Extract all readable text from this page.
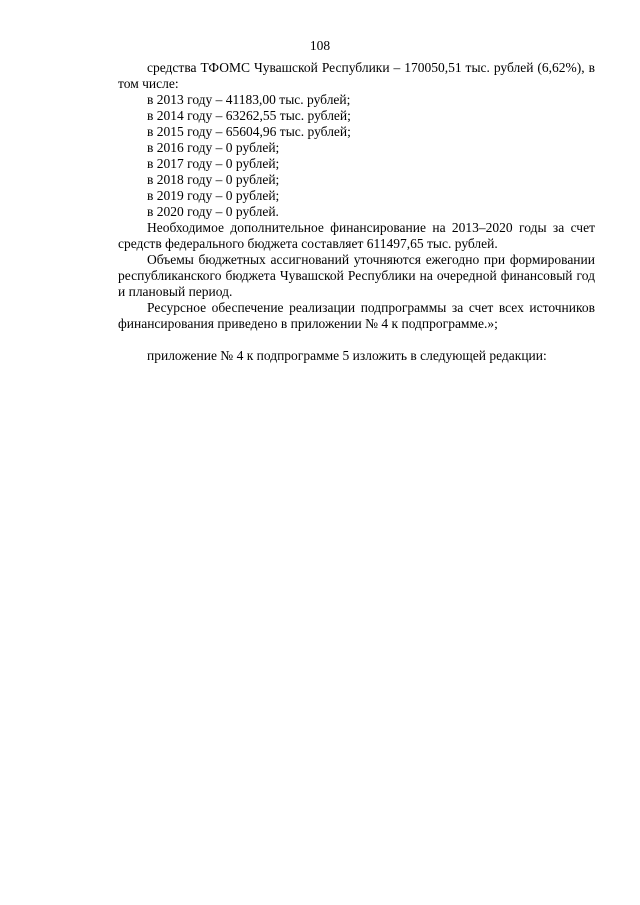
108

средства ТФОМС Чувашской Республики – 170050,51 тыс. рублей (6,62%), в том числе:

в 2013 году – 41183,00 тыс. рублей;

в 2014 году – 63262,55 тыс. рублей;

в 2015 году – 65604,96 тыс. рублей;

в 2016 году – 0 рублей;

в 2017 году – 0 рублей;

в 2018 году – 0 рублей;

в 2019 году – 0 рублей;

в 2020 году – 0 рублей.

Необходимое дополнительное финансирование на 2013–2020 годы за счет средств федерального бюджета составляет 611497,65 тыс. рублей.

Объемы бюджетных ассигнований уточняются ежегодно при формировании республиканского бюджета Чувашской Республики на очередной финансовый год и плановый период.

Ресурсное обеспечение реализации подпрограммы за счет всех источников финансирования приведено в приложении № 4 к подпрограмме.»;

приложение № 4 к подпрограмме 5 изложить в следующей редакции:
